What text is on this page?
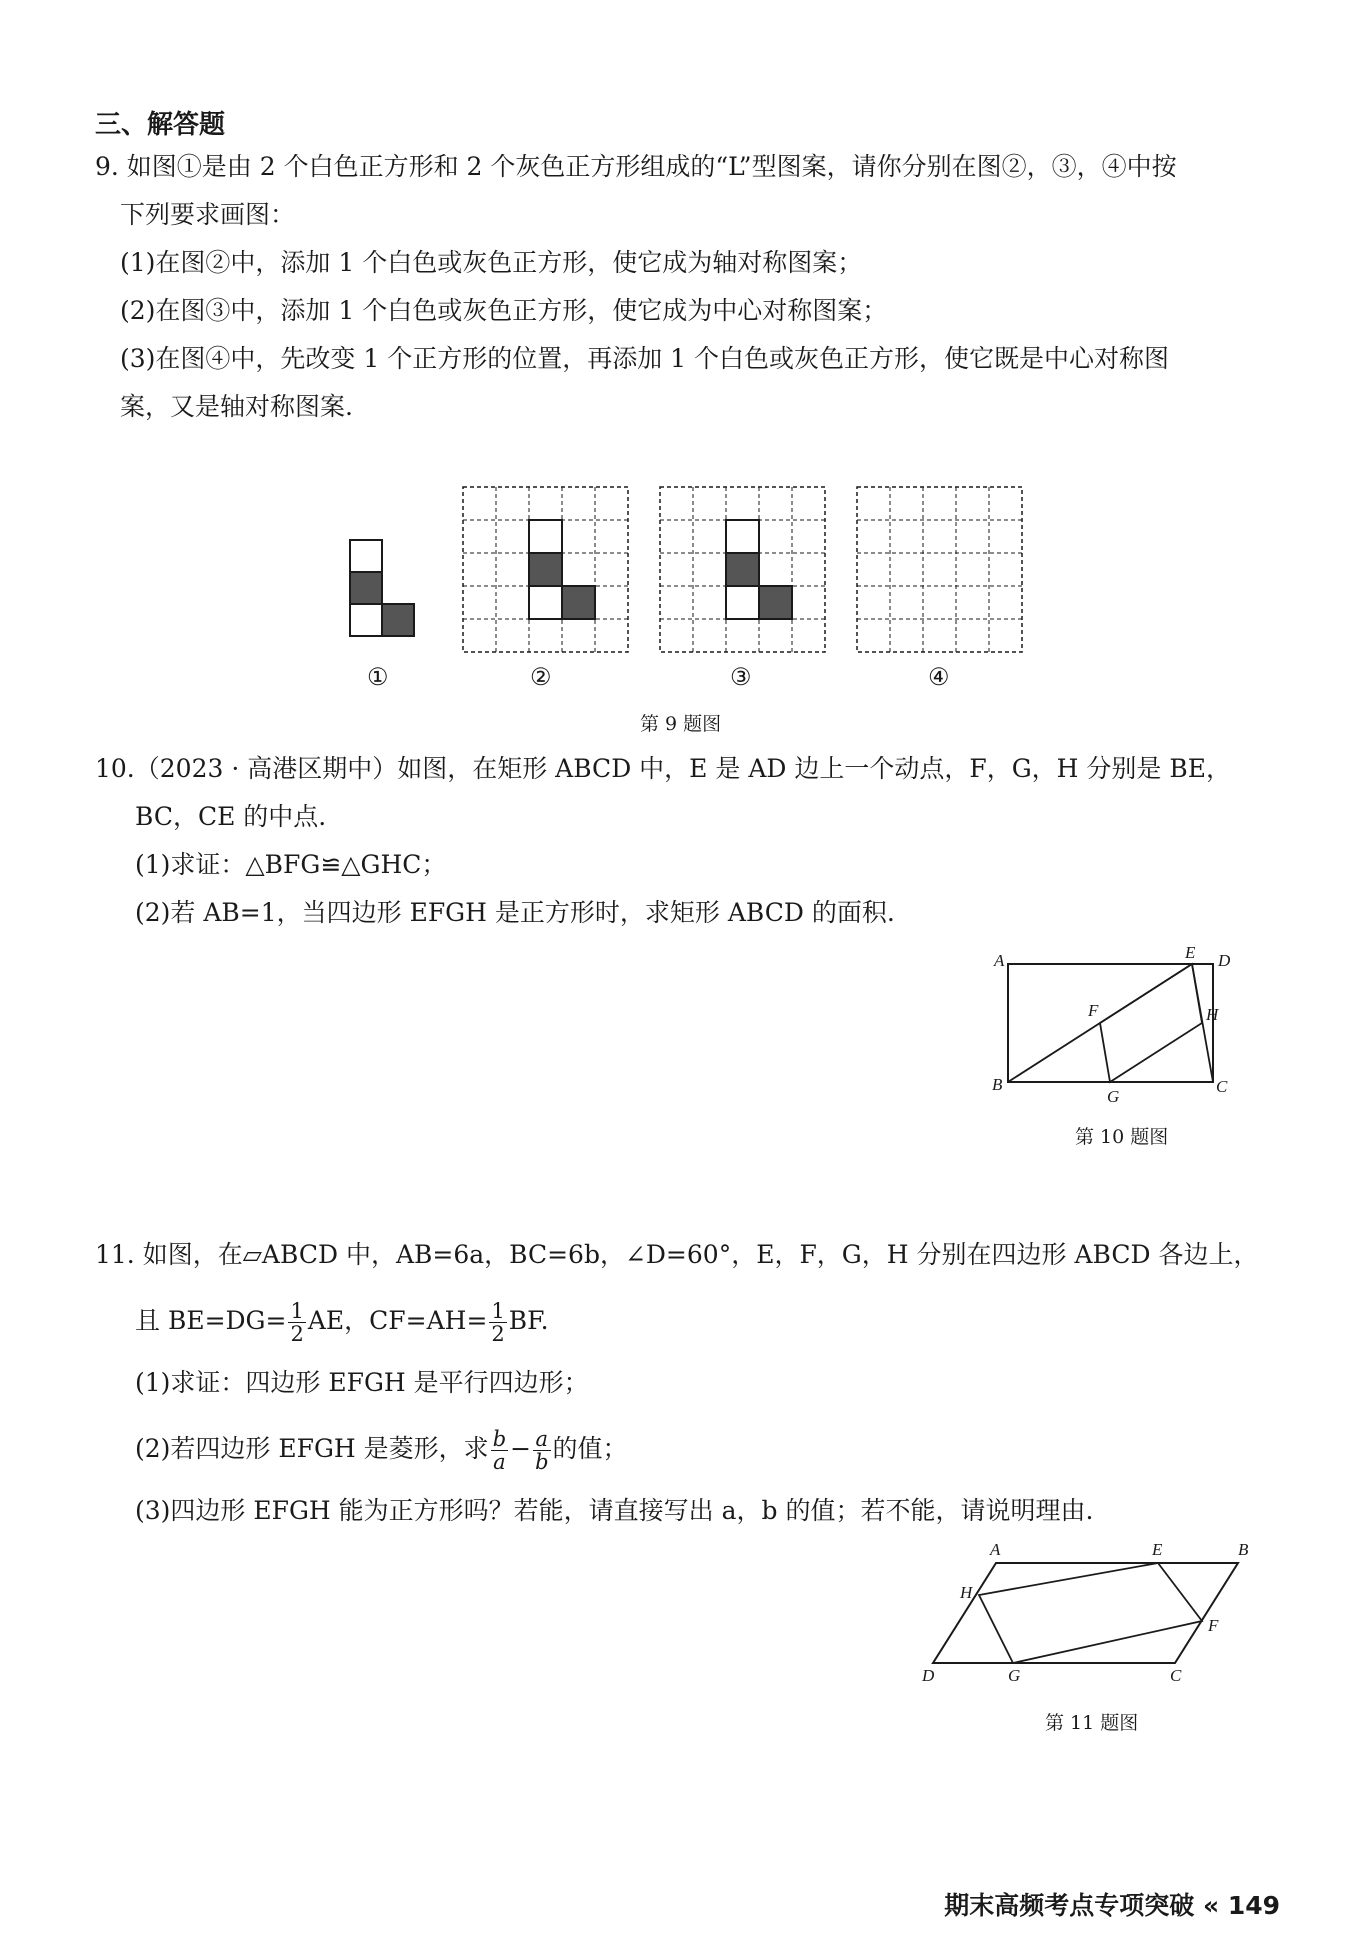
三、解答题
9. 如图①是由 2 个白色正方形和 2 个灰色正方形组成的“L”型图案，请你分别在图②，③，④中按
下列要求画图：
(1)在图②中，添加 1 个白色或灰色正方形，使它成为轴对称图案；
(2)在图③中，添加 1 个白色或灰色正方形，使它成为中心对称图案；
(3)在图④中，先改变 1 个正方形的位置，再添加 1 个白色或灰色正方形，使它既是中心对称图
案，又是轴对称图案.
①	②	③	④
第 9 题图
10.（2023 · 高港区期中）如图，在矩形 ABCD 中，E 是 AD 边上一个动点，F，G，H 分别是 BE，
BC，CE 的中点.
(1)求证：△BFG≌△GHC；
(2)若 AB=1，当四边形 EFGH 是正方形时，求矩形 ABCD 的面积.
A	E D
F	H
B
G
C
第 10 题图
11. 如图，在▱ABCD 中，AB=6a，BC=6b，∠D=60°，E，F，G，H 分别在四边形 ABCD 各边上，
且 $BE=DG= \frac{1}{2}$ AE，$CF=AH= \frac{1}{2}$ BF.
(1)求证：四边形 EFGH 是平行四边形；
(2)若四边形 EFGH 是菱形，求 $\frac{b}{a} - \frac{a}{b}$ 的值；
(3)四边形 EFGH 能为正方形吗？若能，请直接写出 a，b 的值；若不能，请说明理由.
A	E	B
H
F
D	G	C
第 11 题图
期末高频考点专项突破 « 149
